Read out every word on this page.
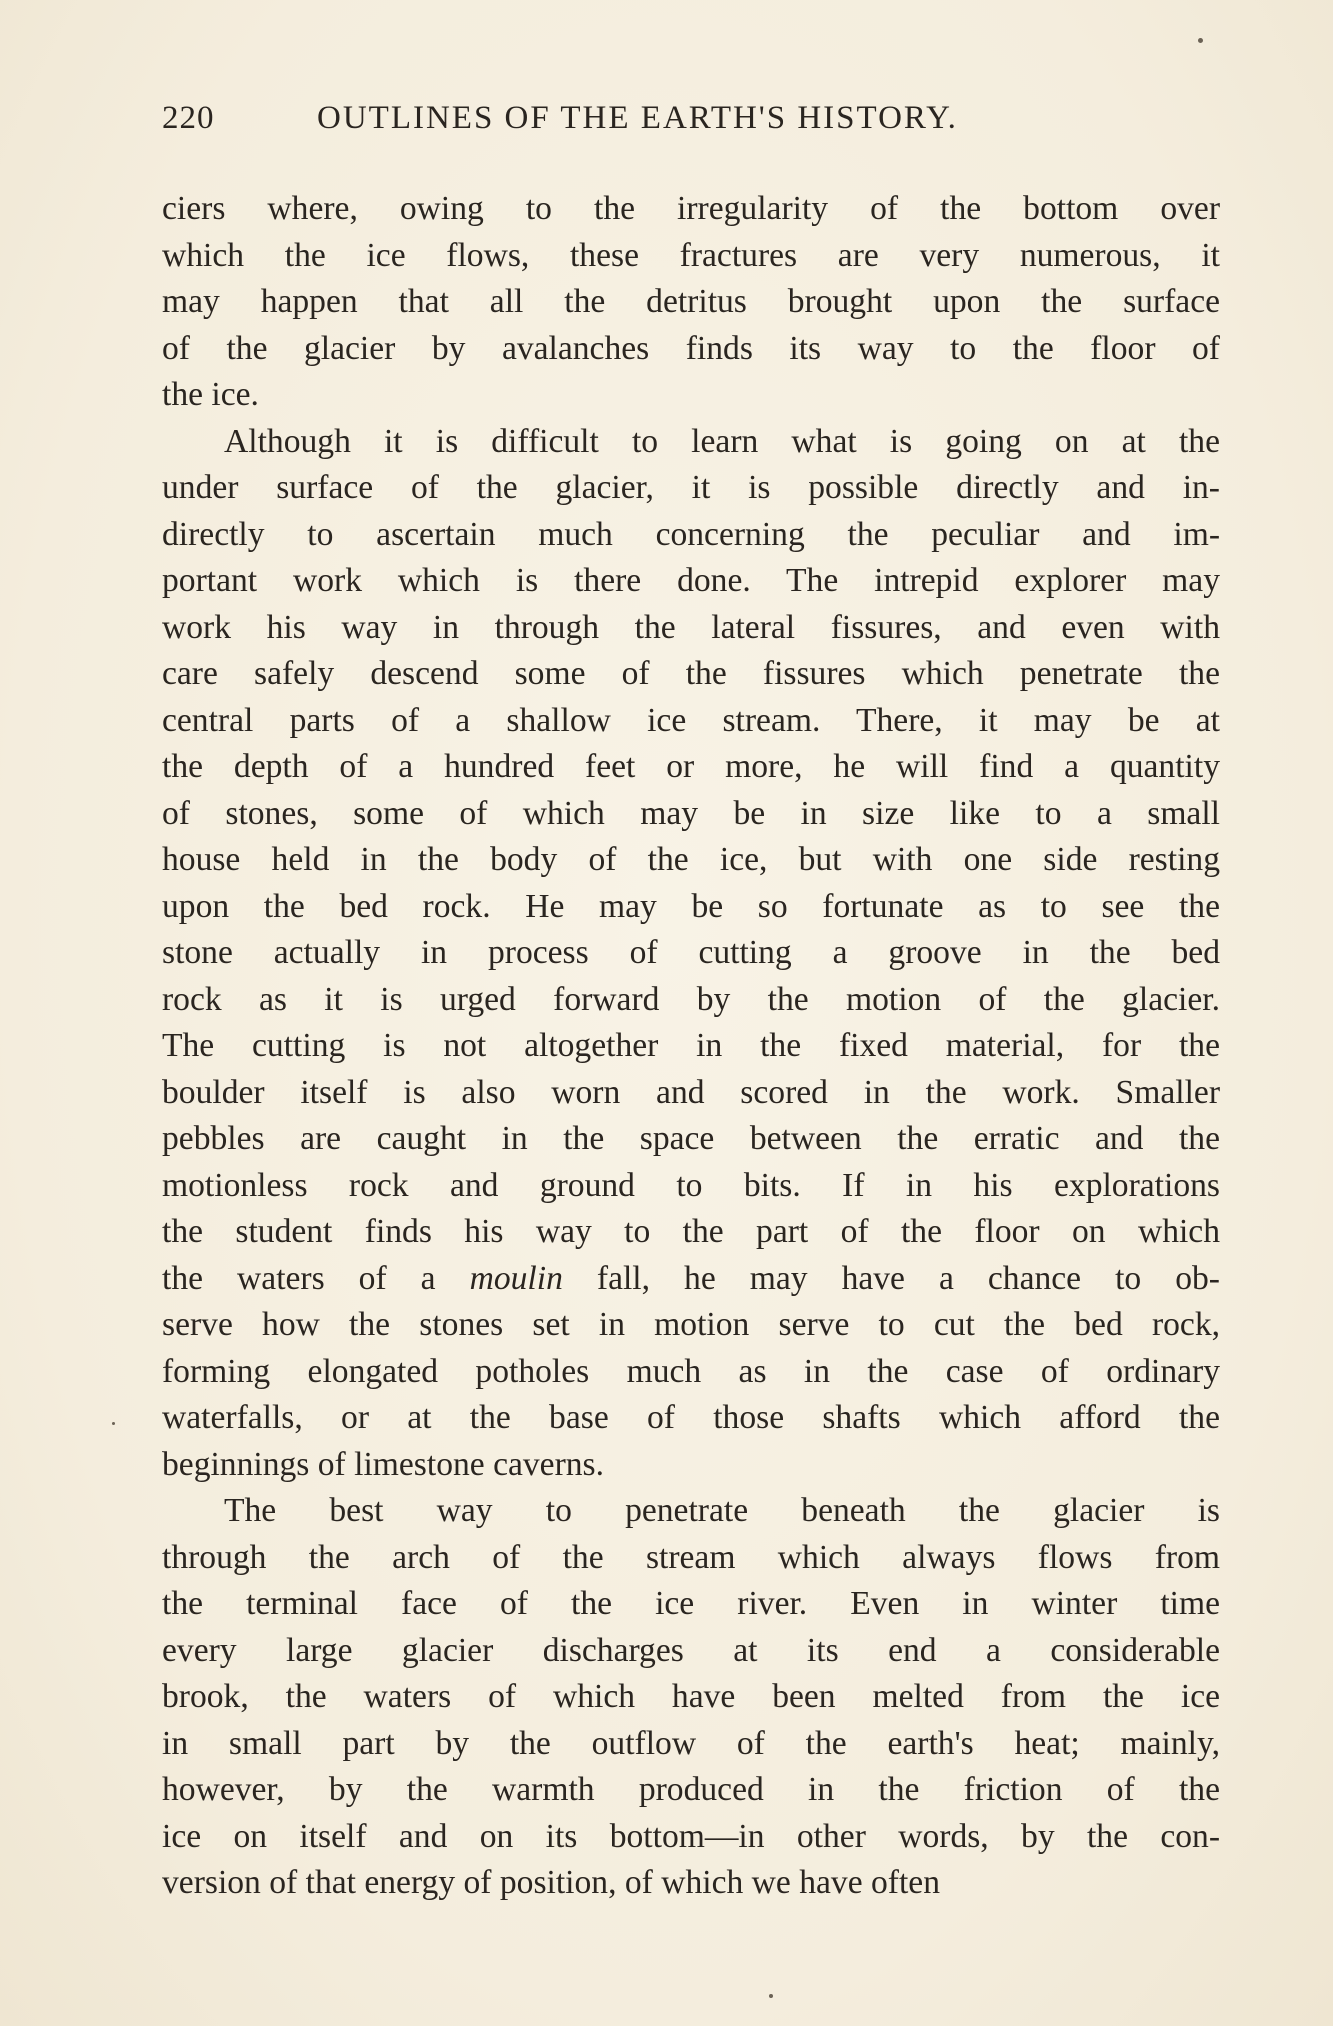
220	OUTLINES OF THE EARTH'S HISTORY.
ciers where, owing to the irregularity of the bottom over
which the ice flows, these fractures are very numerous, it
may happen that all the detritus brought upon the surface
of the glacier by avalanches finds its way to the floor of
the ice.
Although it is difficult to learn what is going on at the
under surface of the glacier, it is possible directly and in-
directly to ascertain much concerning the peculiar and im-
portant work which is there done. The intrepid explorer may
work his way in through the lateral fissures, and even with
care safely descend some of the fissures which penetrate the
central parts of a shallow ice stream. There, it may be at
the depth of a hundred feet or more, he will find a quantity
of stones, some of which may be in size like to a small
house held in the body of the ice, but with one side resting
upon the bed rock. He may be so fortunate as to see the
stone actually in process of cutting a groove in the bed
rock as it is urged forward by the motion of the glacier.
The cutting is not altogether in the fixed material, for the
boulder itself is also worn and scored in the work. Smaller
pebbles are caught in the space between the erratic and the
motionless rock and ground to bits. If in his explorations
the student finds his way to the part of the floor on which
the waters of a moulin fall, he may have a chance to ob-
serve how the stones set in motion serve to cut the bed rock,
forming elongated potholes much as in the case of ordinary
waterfalls, or at the base of those shafts which afford the
beginnings of limestone caverns.
The best way to penetrate beneath the glacier is
through the arch of the stream which always flows from
the terminal face of the ice river. Even in winter time
every large glacier discharges at its end a considerable
brook, the waters of which have been melted from the ice
in small part by the outflow of the earth's heat; mainly,
however, by the warmth produced in the friction of the
ice on itself and on its bottom—in other words, by the con-
version of that energy of position, of which we have often
